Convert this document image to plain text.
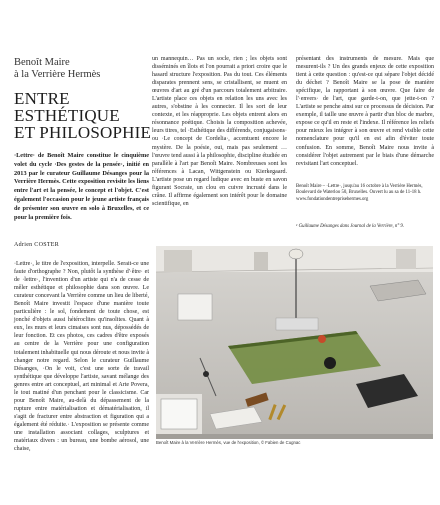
Benoît Maire
à la Verrière Hermès
ENTRE ESTHÉTIQUE
ET PHILOSOPHIE
·Lettre· de Benoît Maire constitue le cinquième volet du cycle ·Des gestes de la pensée·, initié en 2013 par le curateur Guillaume Désanges pour la Verrière Hermès. Cette exposition revisite les liens entre l'art et la pensée, le concept et l'objet. C'est également l'occasion pour le jeune artiste français de présenter son œuvre en solo à Bruxelles, et ce pour la première fois.
Adrien COSTER

·Lettre·, le titre de l'exposition, interpelle. Serait-ce une faute d'orthographe ? Non, plutôt la synthèse d'·être· et de ·lettre·, l'invention d'un artiste qui n'a de cesse de mêler esthétique et philosophie dans son œuvre. Le curateur concevant la Verrière comme un lieu de liberté, Benoît Maire investit l'espace d'une manière toute particulière : le sol, fondement de toute chose, est jonché d'objets aussi hétéroclites qu'insolites. Quant à eux, les murs et leurs cimaises sont nus, dépossédés de leur fonction. Et ces photos, ces cadres d'être exposés au centre de la Verrière pour une configuration totalement inhabituelle qui nous déroute et nous invite à changer notre regard. Selon le curateur Guillaume Désanges, ·On le voit, c'est une sorte de travail synthétique que développe l'artiste, savant mélange des genres entre art conceptuel, art minimal et Arte Povera, le tout matiné d'un penchant pour le classicisme. Car pour Benoît Maire, au-delà du dépassement de la rupture entre matérialisation et dématérialisation, il s'agit de fracturer entre abstraction et figuration qui a également été réduite.· L'exposition se présente comme une installation associant collages, sculptures et matériaux divers : un bureau, une bombe aérosol, une chaise,

un mannequin… Pas un socle, rien ; les objets sont disséminés en îlots et l'on pourrait a priori croire que le hasard structure l'exposition. Pas du tout. Ces éléments disparates prennent sens, se cristallisent, se muent en œuvres d'art au gré d'un parcours totalement arbitraire. L'artiste place ces objets en relation les uns avec les autres, s'obstine à les connecter. Il les sort de leur contexte, et les réapproprie. Les objets entrent alors en résonnance poétique. Choisis la composition achevée, leurs titres, tel ·Esthétique des différends, conjugaisons· ou ·Le concept de Cordelia·, accentuent encore le mystère. De la poésie, oui, mais pas seulement … l'œuvre tend aussi à la philosophie, discipline étudiée en parallèle à l'art par Benoît Maire. Nombreuses sont les références à Lacan, Wittgenstein ou Kierkegaard. L'artiste pose un regard ludique avec en buste en savon figurant Socrate, un clou en cuivre incrusté dans le crâne. Il affirme également son intérêt pour le domaine scientifique, en

présentant des instruments de mesure. Mais que mesurent-ils ? Un des grands enjeux de cette exposition tient à cette question : qu'est-ce qui sépare l'objet décidé du déchet ? Benoît Maire se la pose de manière spécifique, la rapportant à son œuvre. Que faire de l'·envers· de l'art, que garde-t-on, que jette-t-on ? L'artiste se penche ainsi sur ce processus de décision. Par exemple, il taille une œuvre à partir d'un bloc de marbre, expose ce qu'il en reste et l'indexe. Il référence les reliefs pour mieux les intégrer à son œuvre et rend visible cette nomenclature pour qu'il en est afin d'éviter toute confusion. En somme, Benoît Maire nous invite à considérer l'objet autrement par le biais d'une démarche revisitant l'art conceptuel.

Benoît Maire – ·Lettre·, jusqu'au 16 octobre à la Verrière Hermès,
Boulevard de Waterloo 50, Bruxelles. Ouvert lu au sa de 11-18 h.
www.fondationdentreprisehermes.org
¹ Guillaume Désanges dans Journal de la Verrière, n° 9.
Benoît Maire à la Verrière Hermès, vue de l'exposition, © Fabien de Cugnac
